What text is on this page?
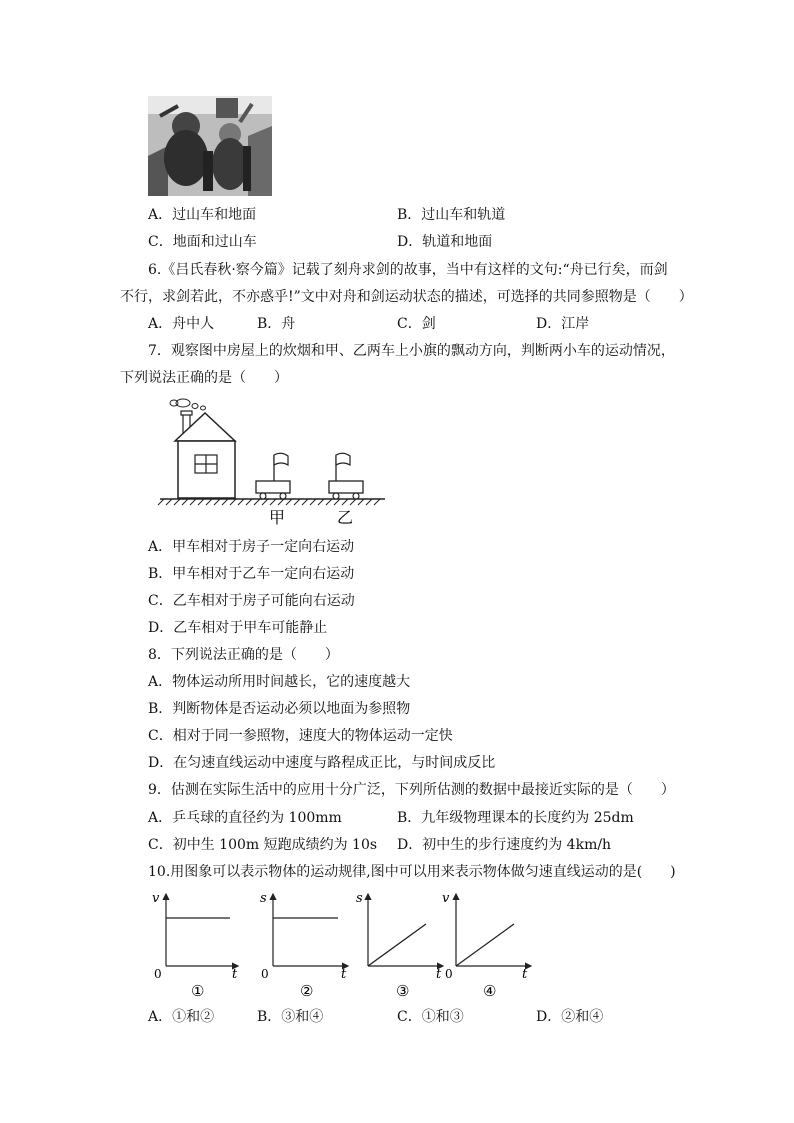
A．过山车和地面	B．过山车和轨道
C．地面和过山车	D．轨道和地面
6.《吕氏春秋·察今篇》记载了刻舟求剑的故事，当中有这样的文句:“舟已行矣，而剑
不行，求剑若此，不亦惑乎!”文中对舟和剑运动状态的描述，可选择的共同参照物是（　　）
A．舟中人	B．舟	C．剑	D．江岸
7．观察图中房屋上的炊烟和甲、乙两车上小旗的飘动方向，判断两小车的运动情况，
下列说法正确的是（　　）
甲	乙
A．甲车相对于房子一定向右运动
B．甲车相对于乙车一定向右运动
C．乙车相对于房子可能向右运动
D．乙车相对于甲车可能静止
8．下列说法正确的是（　　）
A．物体运动所用时间越长，它的速度越大
B．判断物体是否运动必须以地面为参照物
C．相对于同一参照物，速度大的物体运动一定快
D．在匀速直线运动中速度与路程成正比，与时间成反比
9．估测在实际生活中的应用十分广泛，下列所估测的数据中最接近实际的是（　　）
A．乒乓球的直径约为 100mm	B．九年级物理课本的长度约为 25dm
C．初中生 100m 短跑成绩约为 10s D．初中生的步行速度约为 4km/h
10.用图象可以表示物体的运动规律,图中可以用来表示物体做匀速直线运动的是(　　)
v
t
0
①
s
t
0
②
s
t
③
v
t
0
④
A．①和②	B．③和④	C．①和③	D．②和④
